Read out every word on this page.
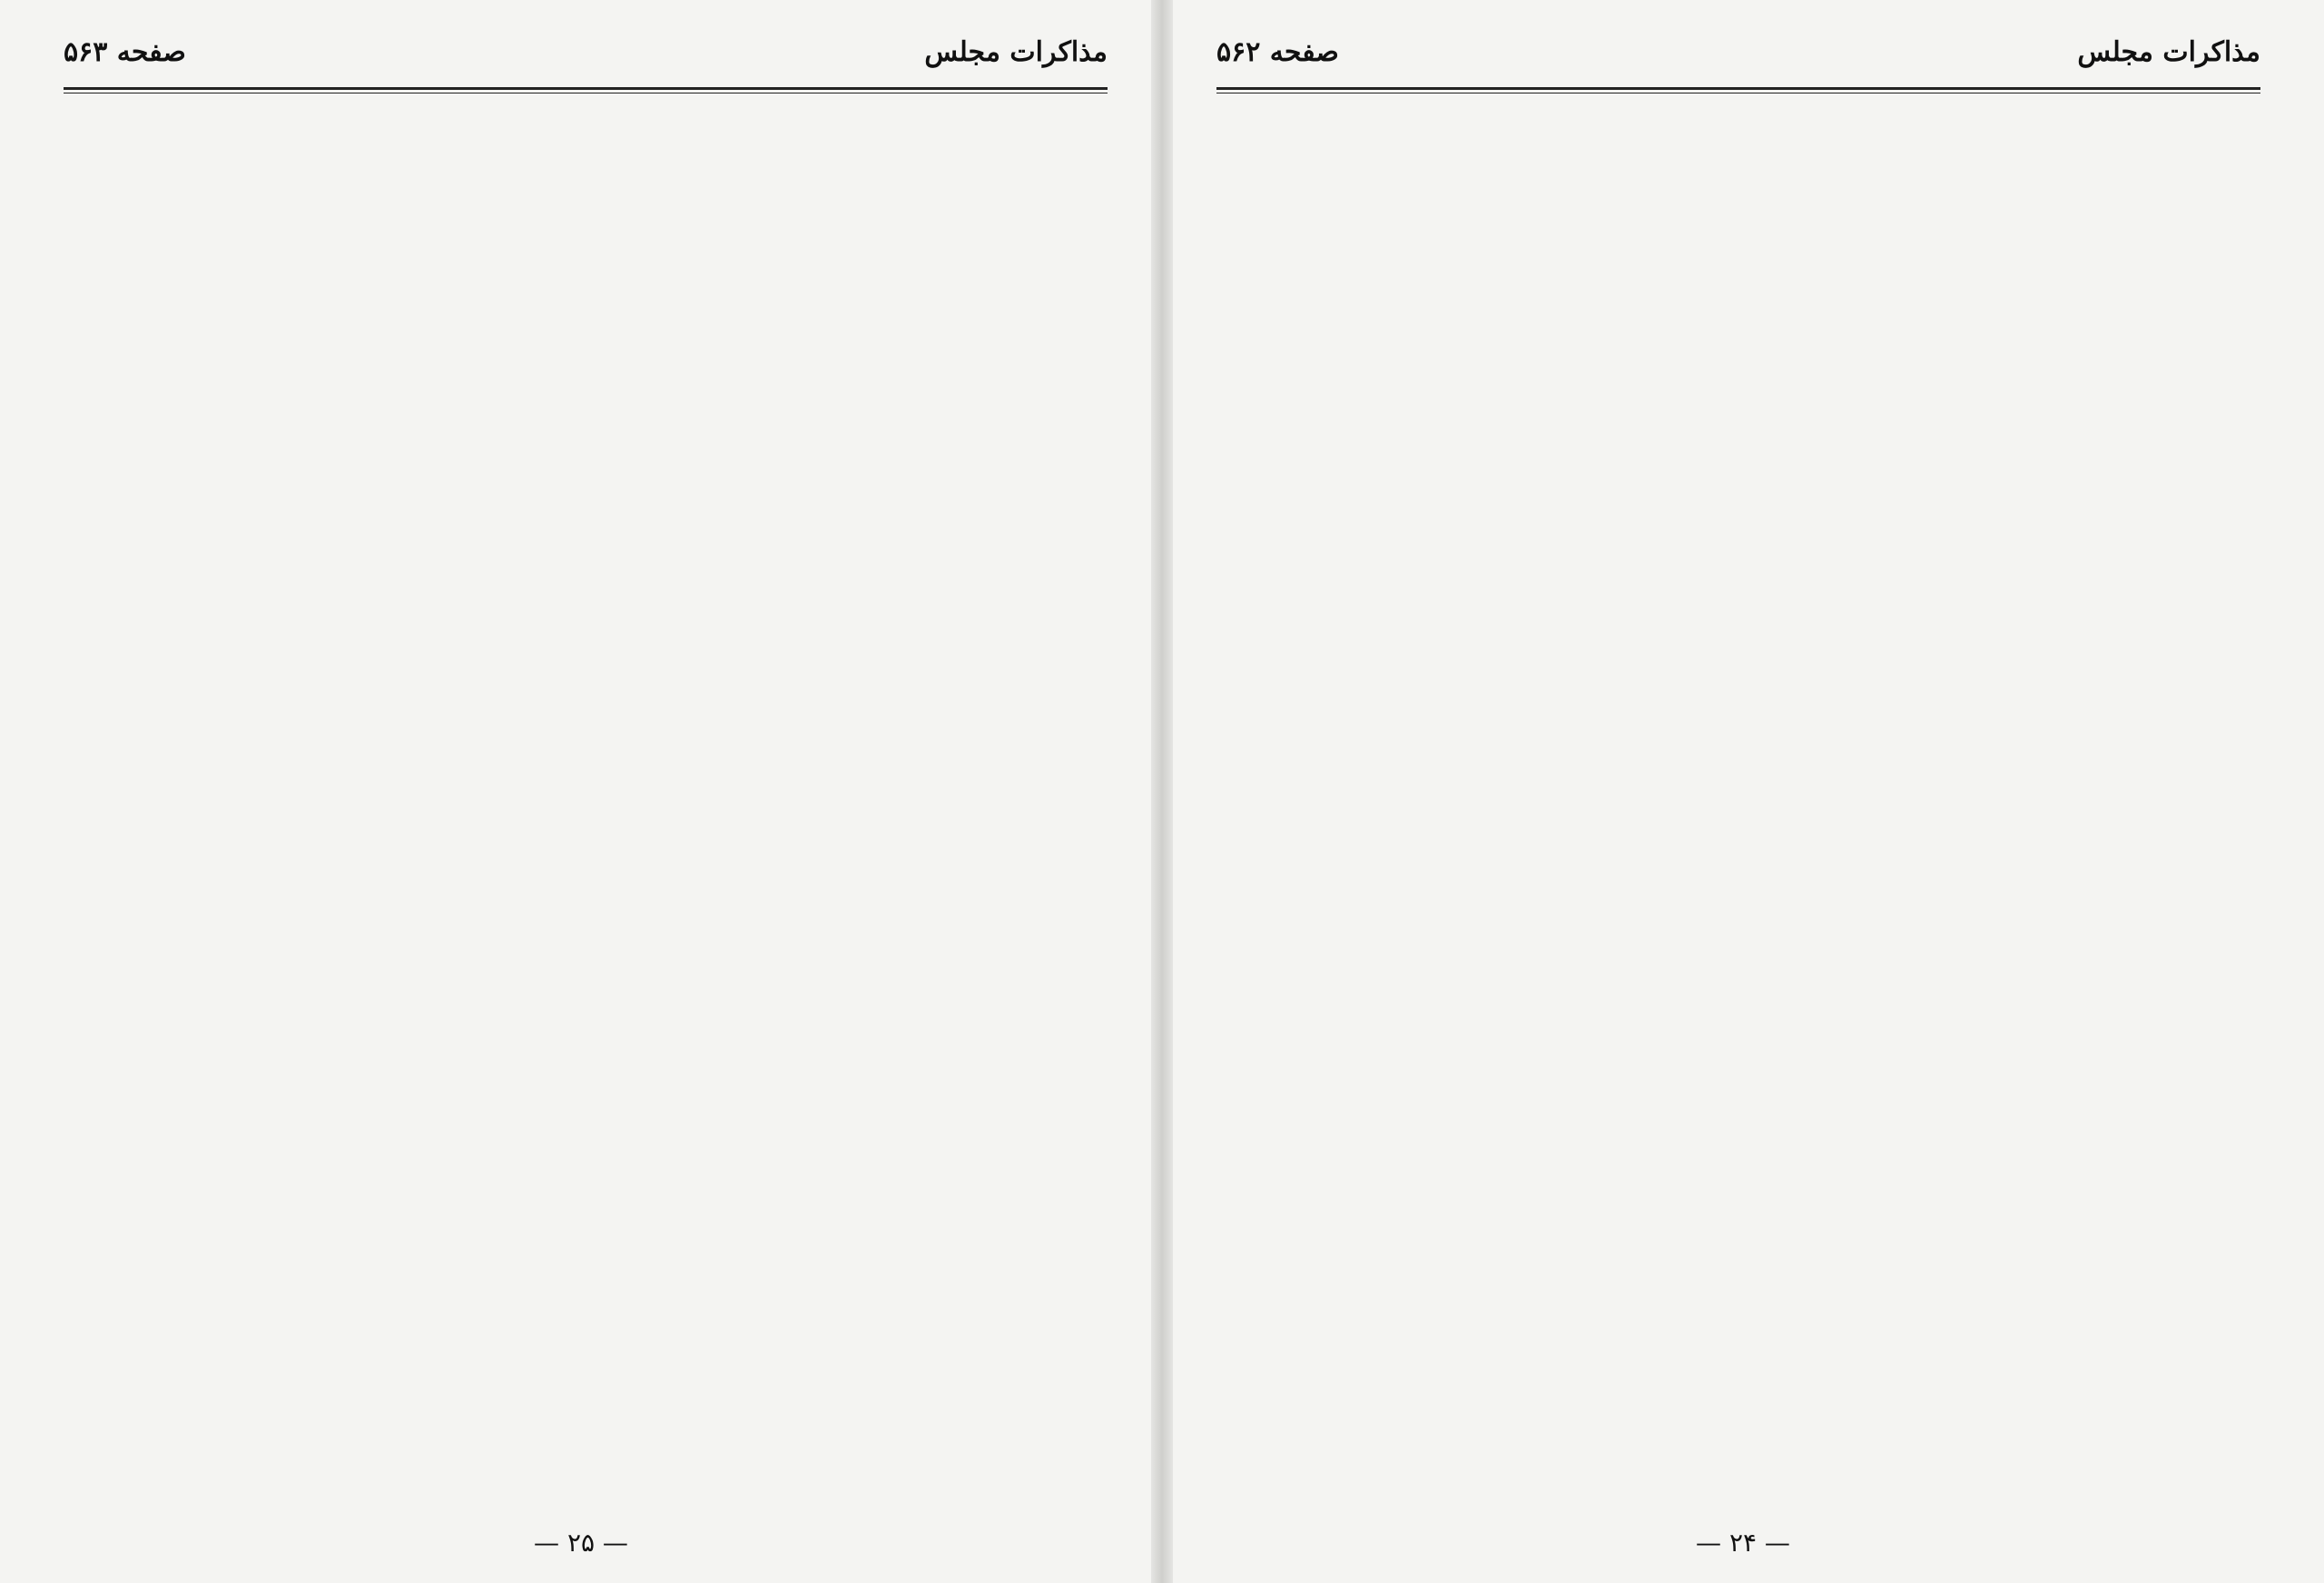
مذاکرات مجلس
صفحه ۵۶۳
— ۲۵ —
مذاکرات مجلس
صفحه ۵۶۲
— ۲۴ —
